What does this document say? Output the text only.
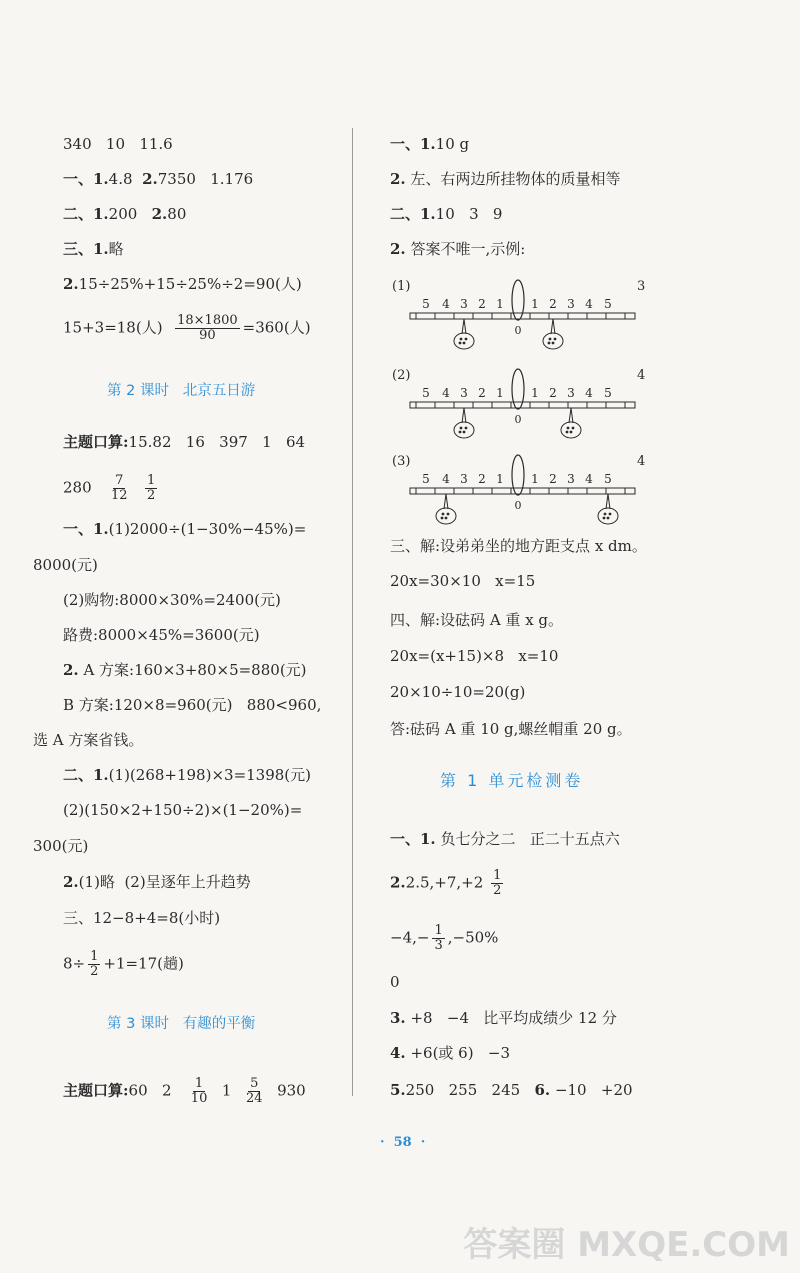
340   10   11.6
一、1.4.8 2.7350   1.176
二、1.200 2.80
三、1.略
2.15÷25%+15÷25%÷2=90(人)
15+3=18(人) $\frac{18\times 1800}{90} =360$(人)
第 2 课时   北京五日游
主题口算:15.82   16   397   1   64
$280 \frac{7}{12}$
$\frac{1}{2}$
一、1.(1)2000÷(1−30%−45%)=
8000(元)
(2)购物:8000×30%=2400(元)
路费:8000×45%=3600(元)
2. A 方案:160×3+80×5=880(元)
B 方案:120×8=960(元)   880<960,
选 A 方案省钱。
二、1.(1)(268+198)×3=1398(元)
(2)(150×2+150÷2)×(1−20%)=
300(元)
2.(1)略  (2)呈逐年上升趋势
三、12−8+4=8(小时)
$8\div \frac{1}{2} +1=17$(趟)
第 3 课时   有趣的平衡
主题口算:60   $2 \frac{1}{10} 1 \frac{5}{24} 930$
一、1.10 g
2. 左、右两边所挂物体的质量相等
二、1.10   3   9
2. 答案不唯一,示例:
(1)	3
5 4 3 2 1 1 2 3 4 5
0
(2)	4
5 4 3 2 1 1 2 3 4 5
0
(3)	4
5 4 3 2 1 1 2 3 4 5
0
三、解:设弟弟坐的地方距支点 x dm。
20x=30×10   x=15
四、解:设砝码 A 重 x g。
20x=(x+15)×8   x=10
20×10÷10=20(g)
答:砝码 A 重 10 g,螺丝帽重 20 g。
第 1 单元检测卷
一、1. 负七分之二   正二十五点六
$2.2.5,+7,+2 \frac{1}{2}$
$-4,- \frac{1}{3} ,-50\%$
0
3. +8   −4   比平均成绩少 12 分
4. +6(或 6)   −3
5.250   255   245 6. −10   +20
·  58  ·
答案圈 MXQE.COM
